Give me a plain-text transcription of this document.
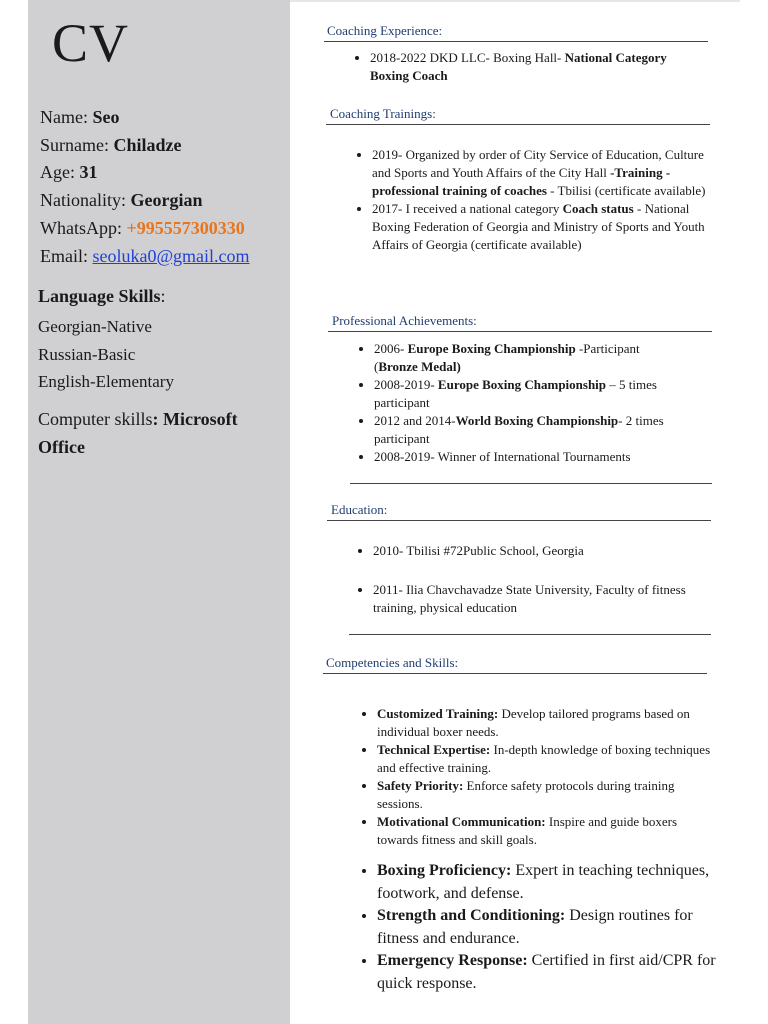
CV
Name: Seo
Surname: Chiladze
Age: 31
Nationality: Georgian
WhatsApp: +995557300330
Email: seoluka0@gmail.com
Language Skills:
Georgian-Native
Russian-Basic
English-Elementary
Computer skills: Microsoft Office
Coaching Experience:
• 2018-2022 DKD LLC- Boxing Hall- National Category Boxing Coach
Coaching Trainings:
• 2019- Organized by order of City Service of Education, Culture and Sports and Youth Affairs of the City Hall -Training - professional training of coaches - Tbilisi (certificate available)
• 2017- I received a national category Coach status - National Boxing Federation of Georgia and Ministry of Sports and Youth Affairs of Georgia (certificate available)
Professional Achievements:
• 2006- Europe Boxing Championship -Participant (Bronze Medal)
• 2008-2019- Europe Boxing Championship – 5 times participant
• 2012 and 2014-World Boxing Championship- 2 times participant
• 2008-2019- Winner of International Tournaments
Education:
• 2010- Tbilisi #72Public School, Georgia
• 2011- Ilia Chavchavadze State University, Faculty of fitness training, physical education
Competencies and Skills:
• Customized Training: Develop tailored programs based on individual boxer needs.
• Technical Expertise: In-depth knowledge of boxing techniques and effective training.
• Safety Priority: Enforce safety protocols during training sessions.
• Motivational Communication: Inspire and guide boxers towards fitness and skill goals.
• Boxing Proficiency: Expert in teaching techniques, footwork, and defense.
• Strength and Conditioning: Design routines for fitness and endurance.
• Emergency Response: Certified in first aid/CPR for quick response.
